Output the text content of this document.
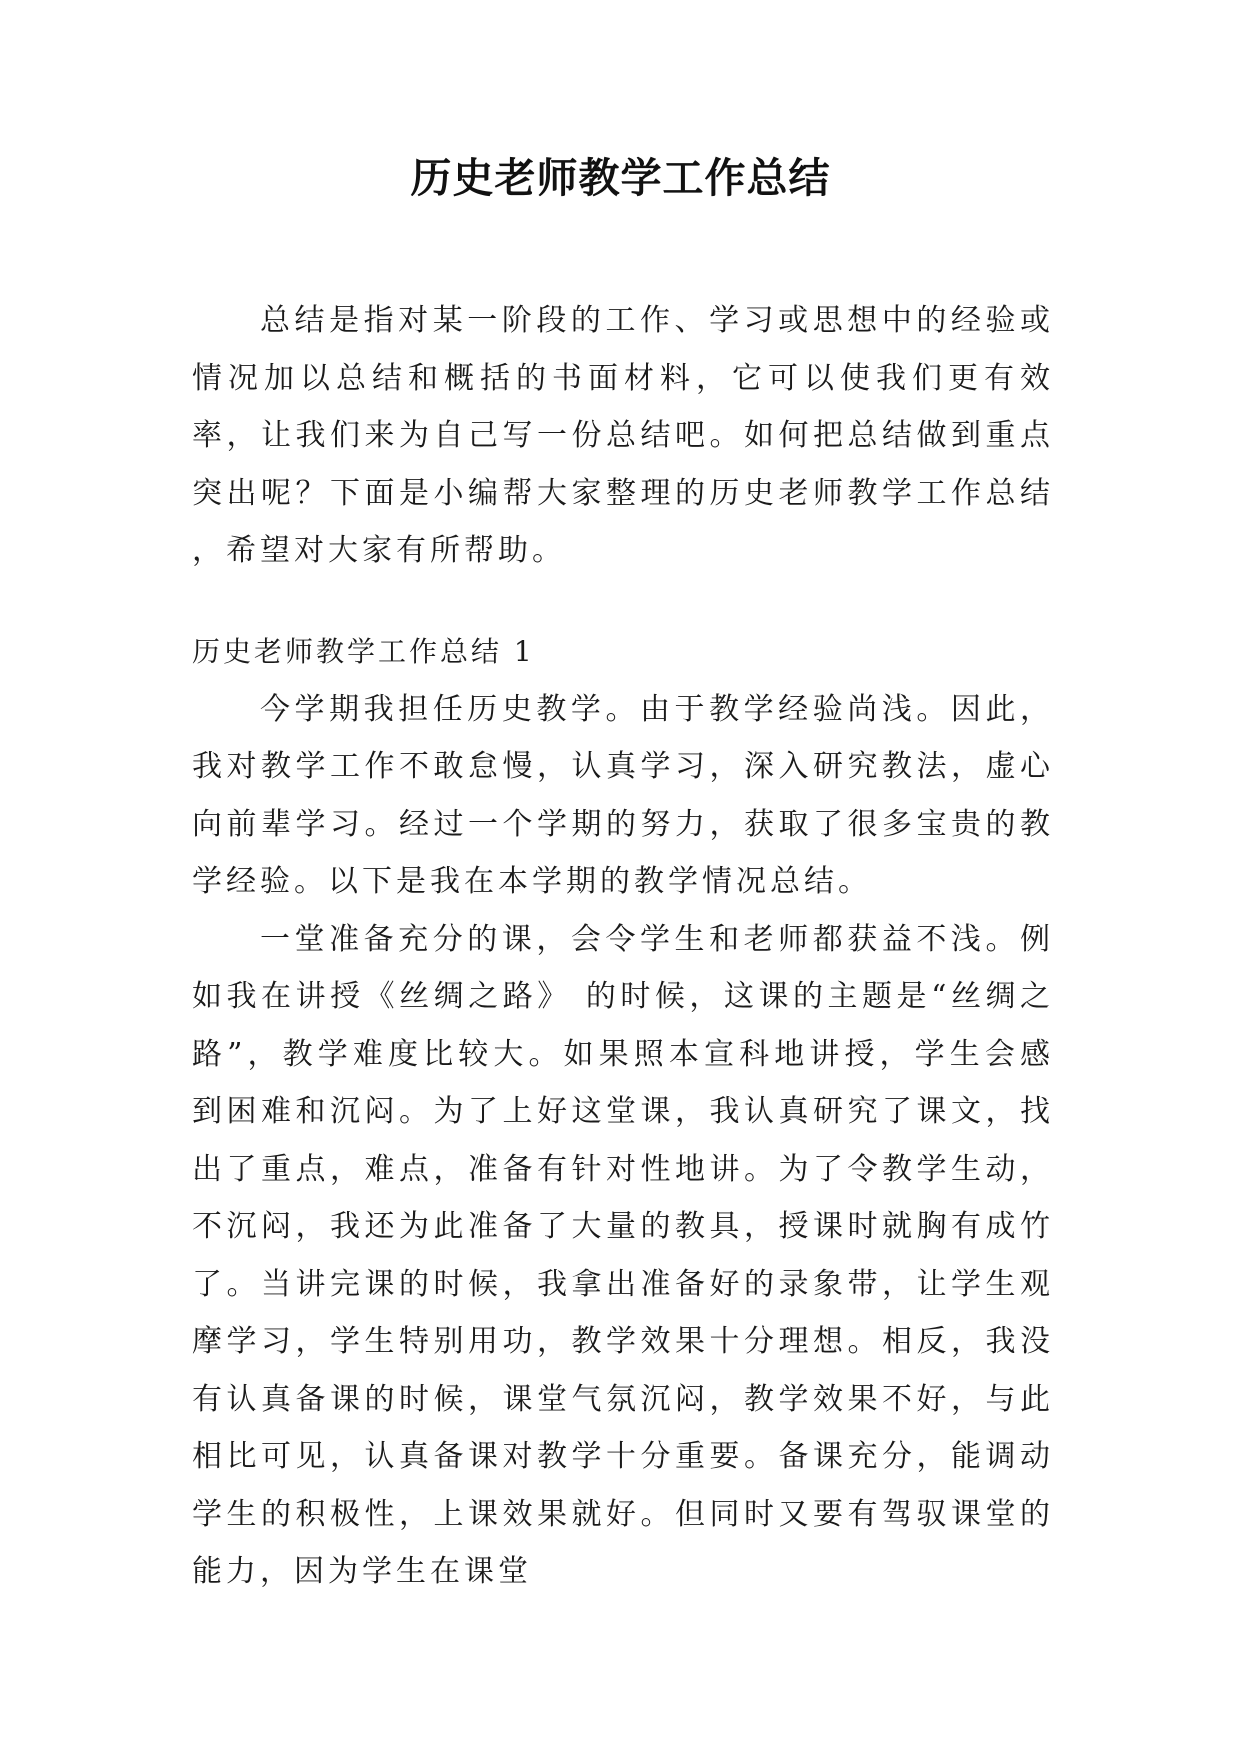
历史老师教学工作总结

总结是指对某一阶段的工作、学习或思想中的经验或情况加以总结和概括的书面材料，它可以使我们更有效率，让我们来为自己写一份总结吧。如何把总结做到重点突出呢？下面是小编帮大家整理的历史老师教学工作总结 ，希望对大家有所帮助。

历史老师教学工作总结 1

今学期我担任历史教学。由于教学经验尚浅。因此，我对教学工作不敢怠慢，认真学习，深入研究教法，虚心向前辈学习。经过一个学期的努力，获取了很多宝贵的教学经验。以下是我在本学期的教学情况总结。

一堂准备充分的课，会令学生和老师都获益不浅。例如我在讲授《丝绸之路》 的时候，这课的主题是“丝绸之路”，教学难度比较大。如果照本宣科地讲授，学生会感到困难和沉闷。为了上好这堂课，我认真研究了课文，找出了重点，难点，准备有针对性地讲。为了令教学生动，不沉闷，我还为此准备了大量的教具，授课时就胸有成竹了。当讲完课的时候，我拿出准备好的录象带，让学生观摩学习，学生特别用功，教学效果十分理想。相反，我没有认真备课的时候，课堂气氛沉闷，教学效果不好，与此相比可见，认真备课对教学十分重要。备课充分，能调动学生的积极性，上课效果就好。但同时又要有驾驭课堂的能力，因为学生在课堂
